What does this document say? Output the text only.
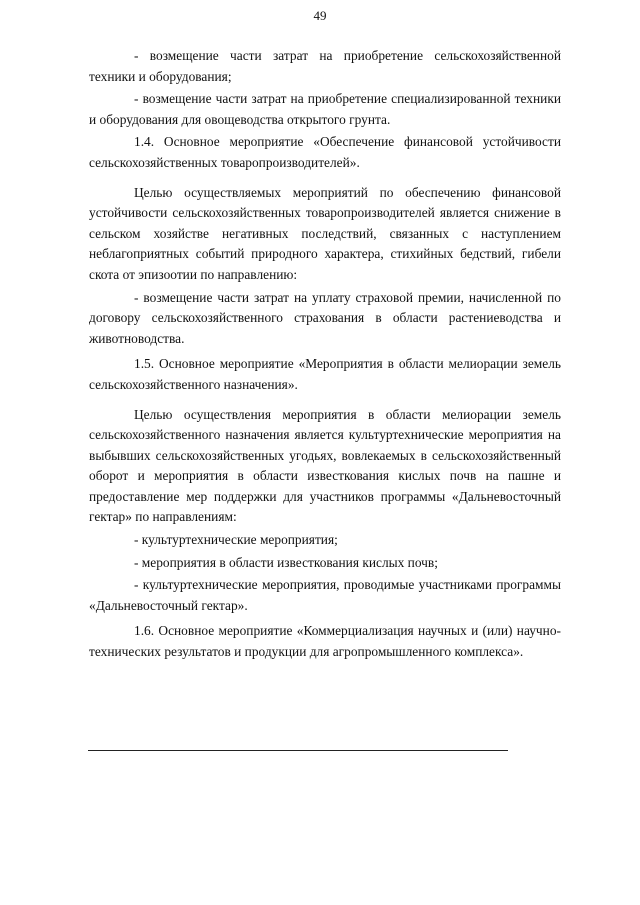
49

- возмещение части затрат на приобретение сельскохозяйственной техники и оборудования;

- возмещение части затрат на приобретение специализированной техники и оборудования для овощеводства открытого грунта.

1.4. Основное мероприятие «Обеспечение финансовой устойчивости сельскохозяйственных товаропроизводителей».

Целью осуществляемых мероприятий по обеспечению финансовой устойчивости сельскохозяйственных товаропроизводителей является снижение в сельском хозяйстве негативных последствий, связанных с наступлением неблагоприятных событий природного характера, стихийных бедствий, гибели скота от эпизоотии по направлению:

- возмещение части затрат на уплату страховой премии, начисленной по договору сельскохозяйственного страхования в области растениеводства и животноводства.

1.5. Основное мероприятие «Мероприятия в области мелиорации земель сельскохозяйственного назначения».

Целью осуществления мероприятия в области мелиорации земель сельскохозяйственного назначения является культуртехнические мероприятия на выбывших сельскохозяйственных угодьях, вовлекаемых в сельскохозяйственный оборот и мероприятия в области известкования кислых почв на пашне и предоставление мер поддержки для участников программы «Дальневосточный гектар» по направлениям:

- культуртехнические мероприятия;

- мероприятия в области известкования кислых почв;

- культуртехнические мероприятия, проводимые участниками программы «Дальневосточный гектар».

1.6. Основное мероприятие «Коммерциализация научных и (или) научно-технических результатов и продукции для агропромышленного комплекса».
